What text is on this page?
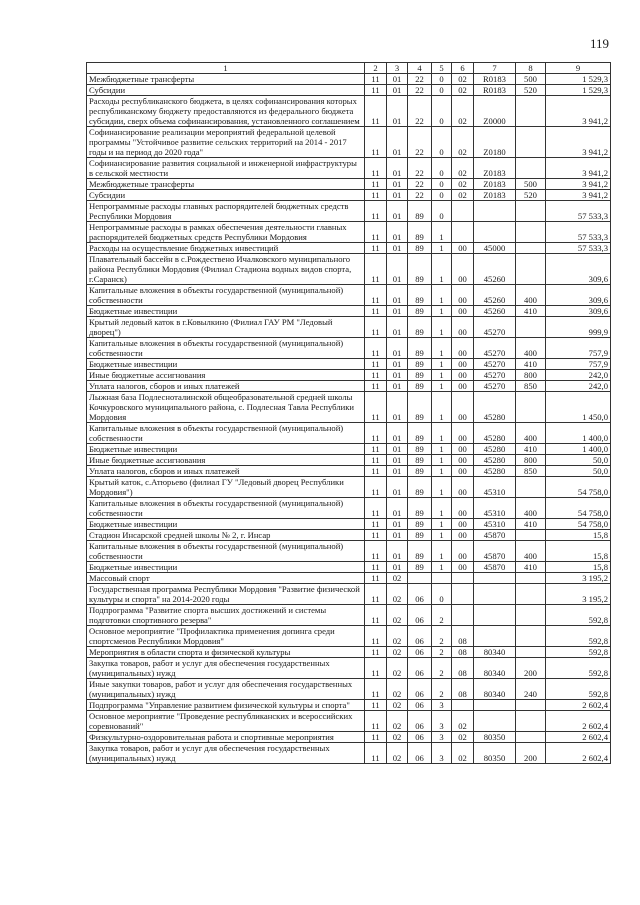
119
1	2	3	4	5	6	7	8	9
Межбюджетные трансферты	11	01	22	0	02	R0183	500	1 529,3
Субсидии	11	01	22	0	02	R0183	520	1 529,3
Расходы республиканского бюджета, в целях софинансирования которых республиканскому бюджету предоставляются из федерального бюджета субсидии, сверх объема софинансирования, установленного соглашением	11	01	22	0	02	Z0000		3 941,2
Софинансирование реализации мероприятий федеральной целевой программы "Устойчивое развитие сельских территорий на 2014 - 2017 годы и на период до 2020 года"	11	01	22	0	02	Z0180		3 941,2
Софинансирование развития социальной и инженерной инфраструктуры в сельской местности	11	01	22	0	02	Z0183		3 941,2
Межбюджетные трансферты	11	01	22	0	02	Z0183	500	3 941,2
Субсидии	11	01	22	0	02	Z0183	520	3 941,2
Непрограммные расходы главных распорядителей бюджетных средств Республики Мордовия	11	01	89	0				57 533,3
Непрограммные расходы в рамках обеспечения деятельности главных распорядителей бюджетных средств Республики Мордовия	11	01	89	1				57 533,3
Расходы на осуществление бюджетных инвестиций	11	01	89	1	00	45000		57 533,3
Плавательный бассейн в с.Рождествено Ичалковского муниципального района Республики Мордовия (Филиал Стадиона водных видов спорта, г.Саранск)	11	01	89	1	00	45260		309,6
Капитальные вложения в объекты государственной (муниципальной) собственности	11	01	89	1	00	45260	400	309,6
Бюджетные инвестиции	11	01	89	1	00	45260	410	309,6
Крытый ледовый каток в г.Ковылкино (Филиал ГАУ РМ "Ледовый дворец")	11	01	89	1	00	45270		999,9
Капитальные вложения в объекты государственной (муниципальной) собственности	11	01	89	1	00	45270	400	757,9
Бюджетные инвестиции	11	01	89	1	00	45270	410	757,9
Иные бюджетные ассигнования	11	01	89	1	00	45270	800	242,0
Уплата налогов, сборов и иных платежей	11	01	89	1	00	45270	850	242,0
Лыжная база Подлесноталинской общеобразовательной средней школы Кочкуровского муниципального района, с. Подлесная Тавла Республики Мордовия	11	01	89	1	00	45280		1 450,0
Капитальные вложения в объекты государственной (муниципальной) собственности	11	01	89	1	00	45280	400	1 400,0
Бюджетные инвестиции	11	01	89	1	00	45280	410	1 400,0
Иные бюджетные ассигнования	11	01	89	1	00	45280	800	50,0
Уплата налогов, сборов и иных платежей	11	01	89	1	00	45280	850	50,0
Крытый каток, с.Атюрьево (филиал ГУ "Ледовый дворец Республики Мордовия")	11	01	89	1	00	45310		54 758,0
Капитальные вложения в объекты государственной (муниципальной) собственности	11	01	89	1	00	45310	400	54 758,0
Бюджетные инвестиции	11	01	89	1	00	45310	410	54 758,0
Стадион Инсарской средней школы № 2, г. Инсар	11	01	89	1	00	45870		15,8
Капитальные вложения в объекты государственной (муниципальной) собственности	11	01	89	1	00	45870	400	15,8
Бюджетные инвестиции	11	01	89	1	00	45870	410	15,8
Массовый спорт	11	02						3 195,2
Государственная программа Республики Мордовия "Развитие физической культуры и спорта" на 2014-2020 годы	11	02	06	0				3 195,2
Подпрограмма "Развитие спорта высших достижений и системы подготовки спортивного резерва"	11	02	06	2				592,8
Основное мероприятие "Профилактика применения допинга среди спортсменов Республики Мордовия"	11	02	06	2	08			592,8
Мероприятия в области спорта и физической культуры	11	02	06	2	08	80340		592,8
Закупка товаров, работ и услуг для обеспечения государственных (муниципальных) нужд	11	02	06	2	08	80340	200	592,8
Иные закупки товаров, работ и услуг для обеспечения государственных (муниципальных) нужд	11	02	06	2	08	80340	240	592,8
Подпрограмма "Управление развитием физической культуры и спорта"	11	02	06	3				2 602,4
Основное мероприятие "Проведение республиканских и всероссийских соревнований"	11	02	06	3	02			2 602,4
Физкультурно-оздоровительная работа и спортивные мероприятия	11	02	06	3	02	80350		2 602,4
Закупка товаров, работ и услуг для обеспечения государственных (муниципальных) нужд	11	02	06	3	02	80350	200	2 602,4
